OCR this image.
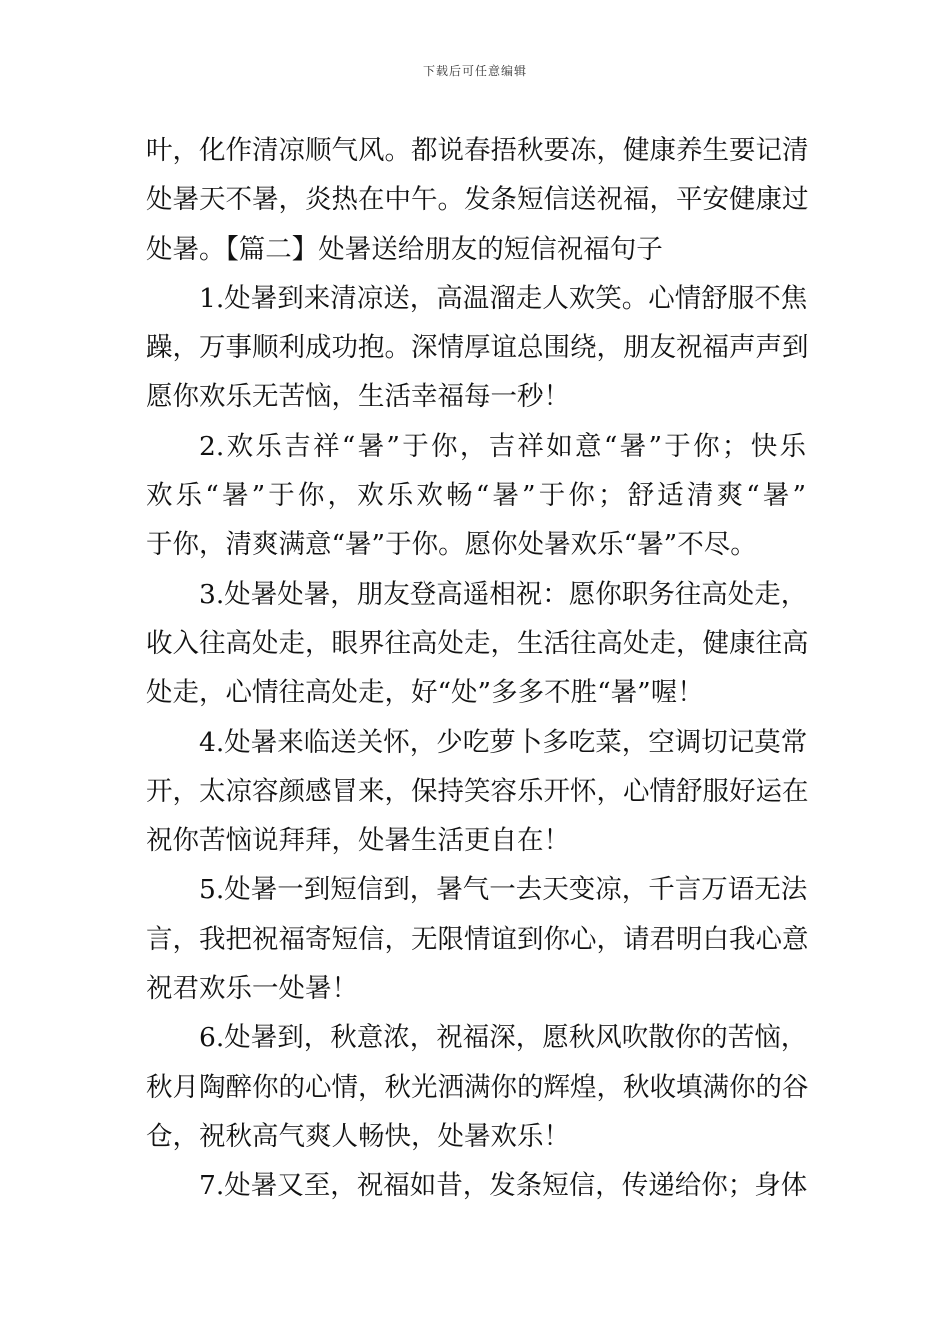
下载后可任意编辑
叶，化作清凉顺气风。都说春捂秋要冻，健康养生要记清
处暑天不暑，炎热在中午。发条短信送祝福，平安健康过
处暑。【篇二】处暑送给朋友的短信祝福句子
1.处暑到来清凉送，高温溜走人欢笑。心情舒服不焦
躁，万事顺利成功抱。深情厚谊总围绕，朋友祝福声声到
愿你欢乐无苦恼，生活幸福每一秒！
2.欢乐吉祥“暑”于你，吉祥如意“暑”于你；快乐
欢乐“暑”于你，欢乐欢畅“暑”于你；舒适清爽“暑”
于你，清爽满意“暑”于你。愿你处暑欢乐“暑”不尽。
3.处暑处暑，朋友登高遥相祝：愿你职务往高处走，
收入往高处走，眼界往高处走，生活往高处走，健康往高
处走，心情往高处走，好“处”多多不胜“暑”喔！
4.处暑来临送关怀，少吃萝卜多吃菜，空调切记莫常
开，太凉容颜感冒来，保持笑容乐开怀，心情舒服好运在
祝你苦恼说拜拜，处暑生活更自在！
5.处暑一到短信到，暑气一去天变凉，千言万语无法
言，我把祝福寄短信，无限情谊到你心，请君明白我心意
祝君欢乐一处暑！
6.处暑到，秋意浓，祝福深，愿秋风吹散你的苦恼，
秋月陶醉你的心情，秋光洒满你的辉煌，秋收填满你的谷
仓，祝秋高气爽人畅快，处暑欢乐！
7.处暑又至，祝福如昔，发条短信，传递给你；身体
